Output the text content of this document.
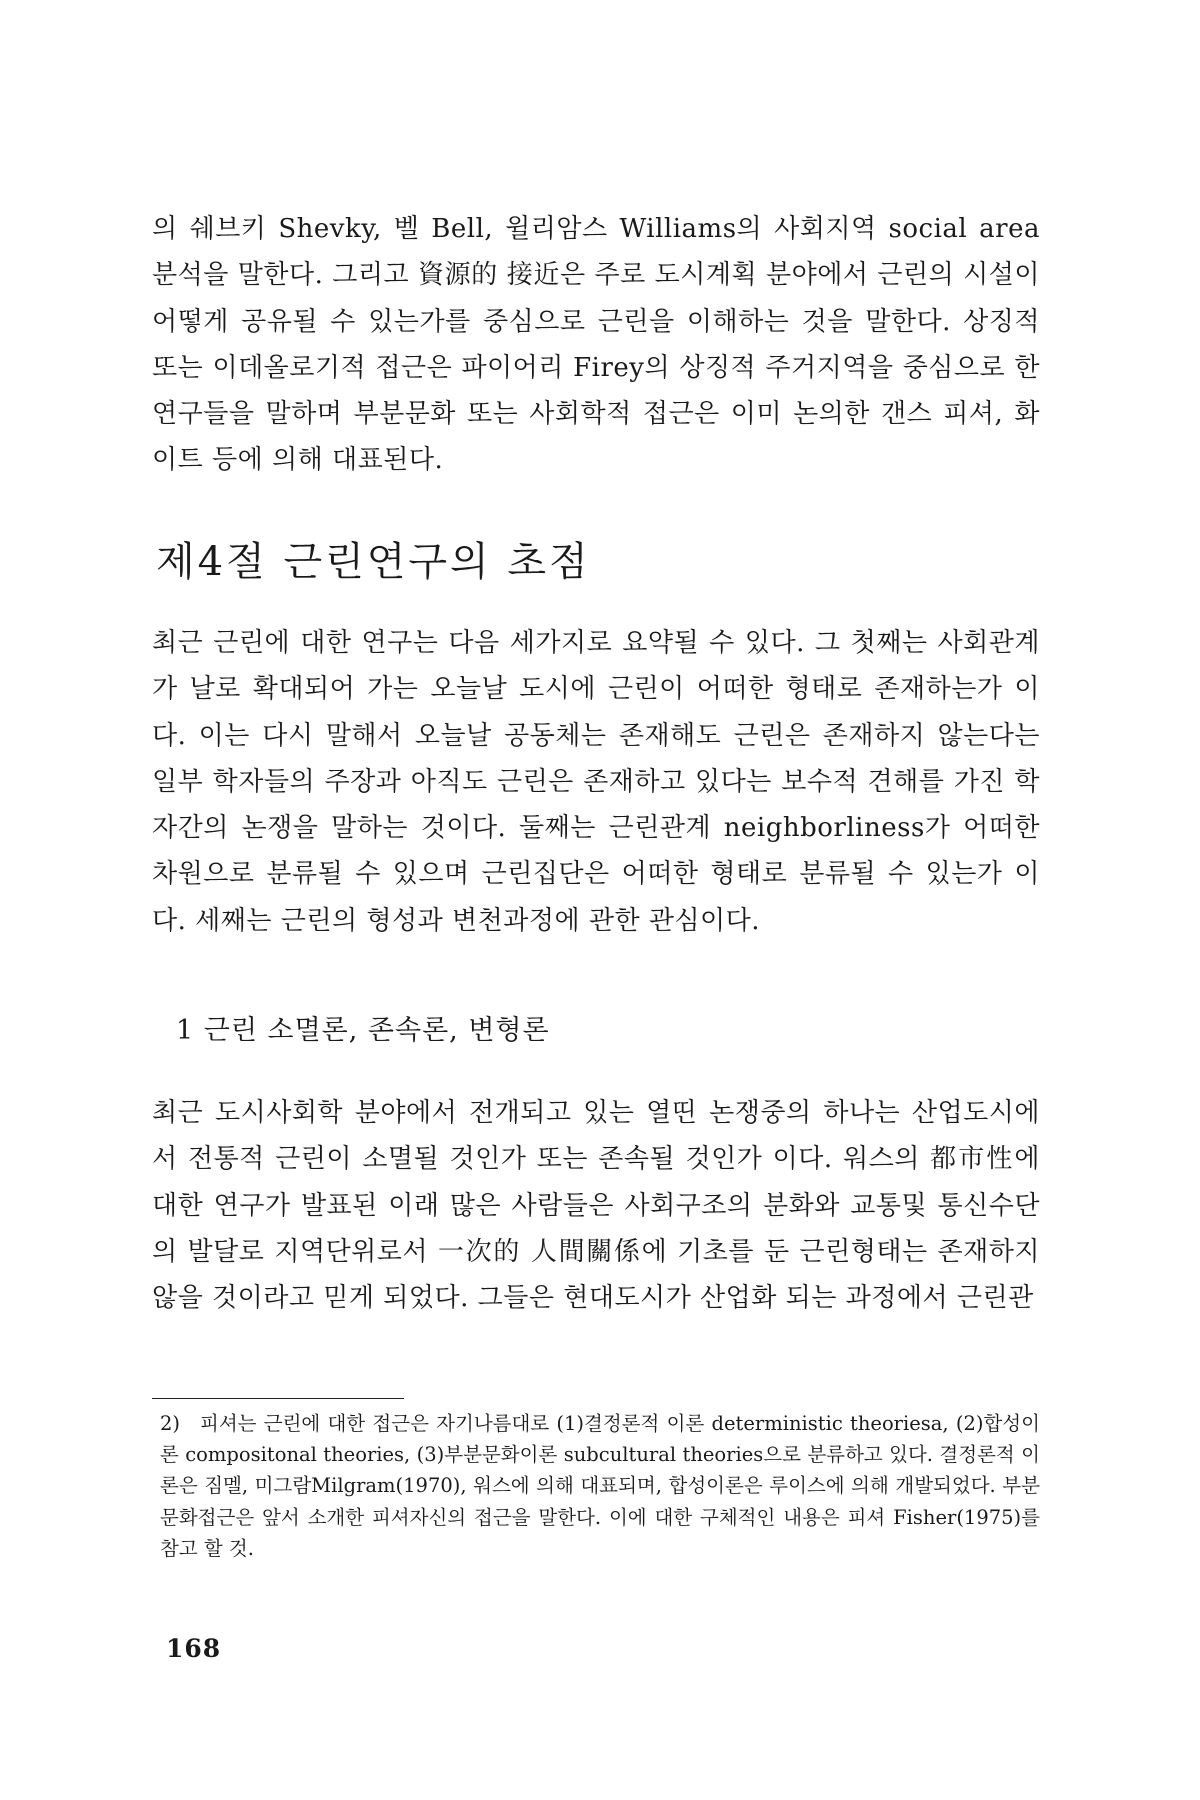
의 쉐브키 Shevky, 벨 Bell, 윌리암스 Williams의 사회지역 social area 분석을 말한다. 그리고 資源的 接近은 주로 도시계획 분야에서 근린의 시설이 어떻게 공유될 수 있는가를 중심으로 근린을 이해하는 것을 말한다. 상징적 또는 이데올로기적 접근은 파이어리 Firey의 상징적 주거지역을 중심으로 한 연구들을 말하며 부분문화 또는 사회학적 접근은 이미 논의한 갠스 피셔, 화이트 등에 의해 대표된다.

제4절 근린연구의 초점

최근 근린에 대한 연구는 다음 세가지로 요약될 수 있다. 그 첫째는 사회관계가 날로 확대되어 가는 오늘날 도시에 근린이 어떠한 형태로 존재하는가 이다. 이는 다시 말해서 오늘날 공동체는 존재해도 근린은 존재하지 않는다는 일부 학자들의 주장과 아직도 근린은 존재하고 있다는 보수적 견해를 가진 학자간의 논쟁을 말하는 것이다. 둘째는 근린관계 neighborliness가 어떠한 차원으로 분류될 수 있으며 근린집단은 어떠한 형태로 분류될 수 있는가 이다. 세째는 근린의 형성과 변천과정에 관한 관심이다.

1 근린 소멸론, 존속론, 변형론

최근 도시사회학 분야에서 전개되고 있는 열띤 논쟁중의 하나는 산업도시에서 전통적 근린이 소멸될 것인가 또는 존속될 것인가 이다. 워스의 都市性에 대한 연구가 발표된 이래 많은 사람들은 사회구조의 분화와 교통및 통신수단의 발달로 지역단위로서 一次的 人間關係에 기초를 둔 근린형태는 존재하지 않을 것이라고 믿게 되었다. 그들은 현대도시가 산업화 되는 과정에서 근린관

2) 피셔는 근린에 대한 접근은 자기나름대로 (1)결정론적 이론 deterministic theoriesa, (2)합성이론 compositonal theories, (3)부분문화이론 subcultural theories으로 분류하고 있다. 결정론적 이론은 짐멜, 미그람Milgram(1970), 워스에 의해 대표되며, 합성이론은 루이스에 의해 개발되었다. 부분문화접근은 앞서 소개한 피셔자신의 접근을 말한다. 이에 대한 구체적인 내용은 피셔 Fisher(1975)를 참고 할 것.

168
